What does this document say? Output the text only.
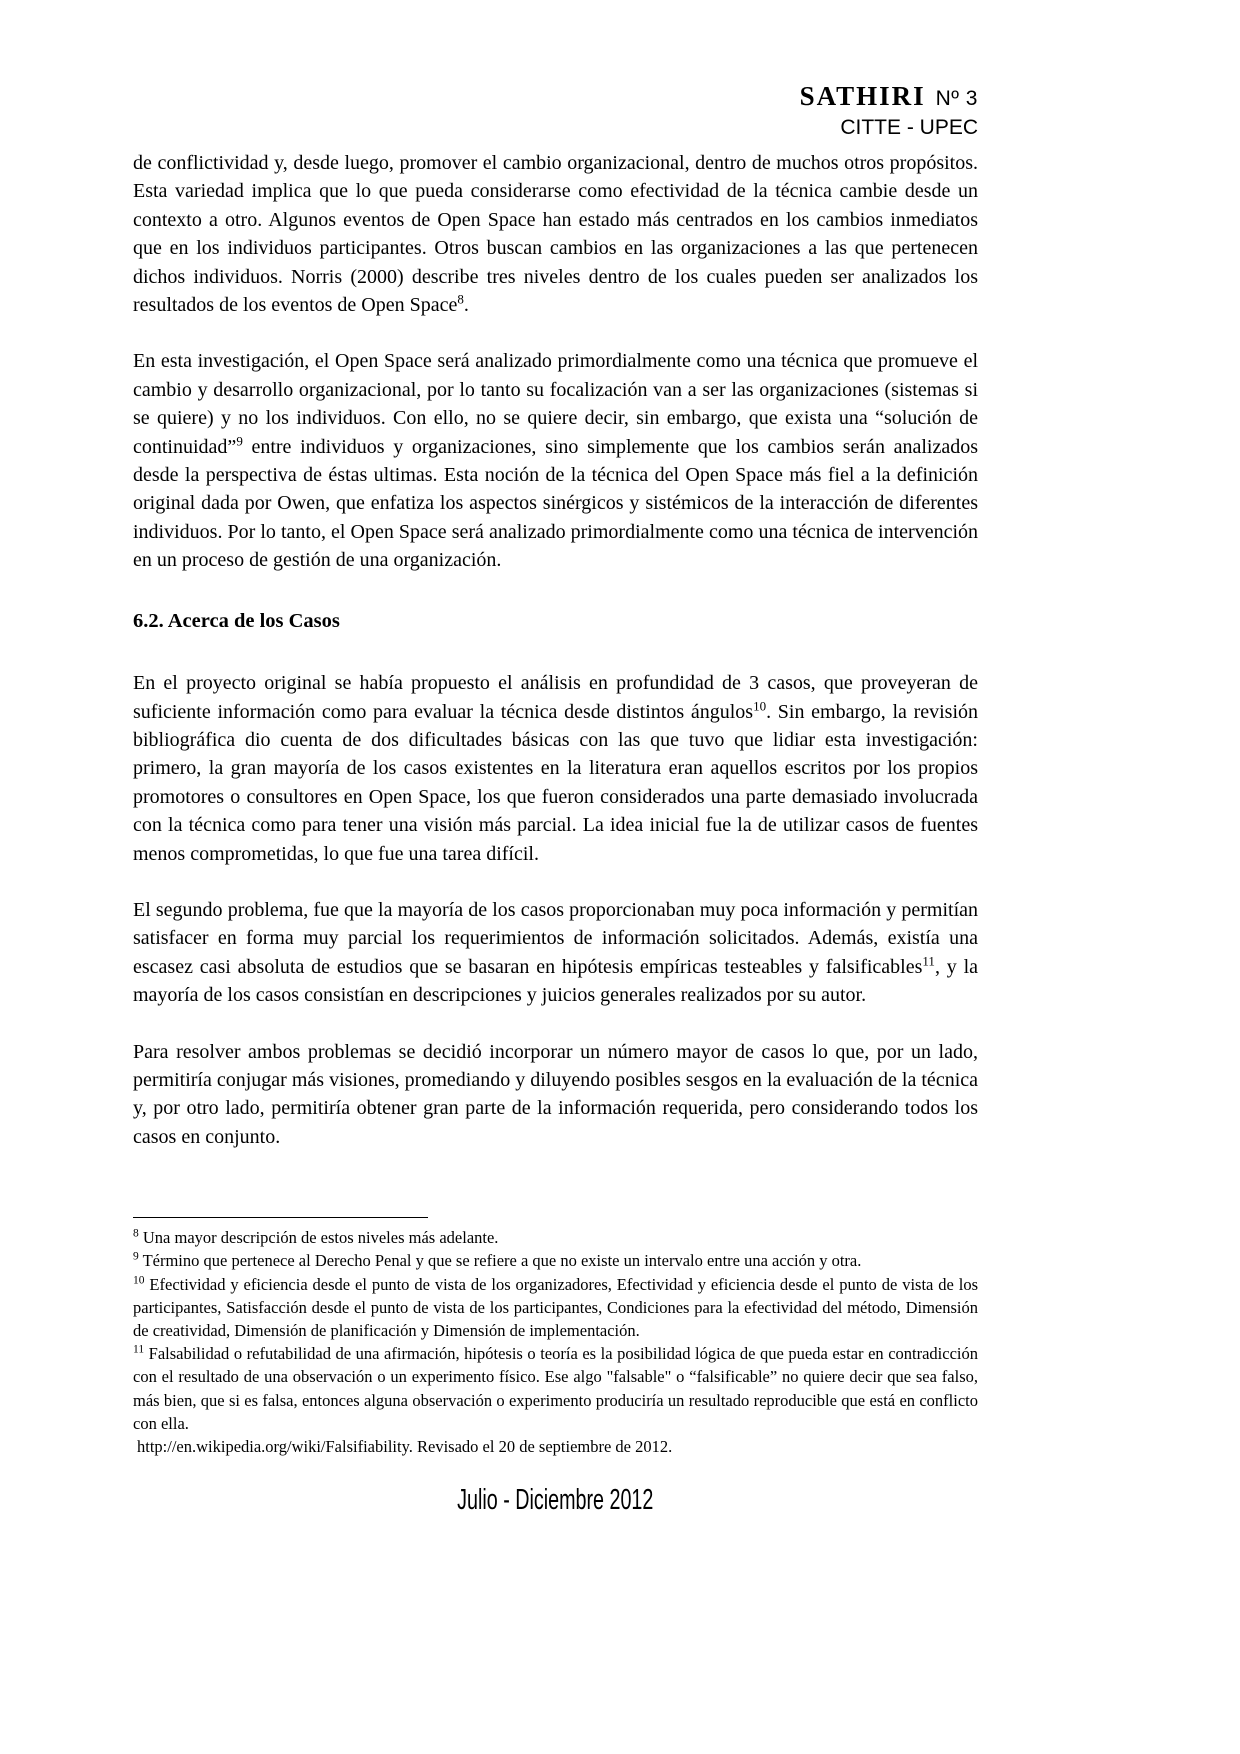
SATHIRI Nº 3
CITTE - UPEC

de conflictividad y, desde luego, promover el cambio organizacional, dentro de muchos otros propósitos. Esta variedad implica que lo que pueda considerarse como efectividad de la técnica cambie desde un contexto a otro. Algunos eventos de Open Space han estado más centrados en los cambios inmediatos que en los individuos participantes. Otros buscan cambios en las organizaciones a las que pertenecen dichos individuos. Norris (2000) describe tres niveles dentro de los cuales pueden ser analizados los resultados de los eventos de Open Space$^8$.

En esta investigación, el Open Space será analizado primordialmente como una técnica que promueve el cambio y desarrollo organizacional, por lo tanto su focalización van a ser las organizaciones (sistemas si se quiere) y no los individuos. Con ello, no se quiere decir, sin embargo, que exista una “solución de continuidad”$^9$ entre individuos y organizaciones, sino simplemente que los cambios serán analizados desde la perspectiva de éstas ultimas. Esta noción de la técnica del Open Space más fiel a la definición original dada por Owen, que enfatiza los aspectos sinérgicos y sistémicos de la interacción de diferentes individuos. Por lo tanto, el Open Space será analizado primordialmente como una técnica de intervención en un proceso de gestión de una organización.

6.2. Acerca de los Casos

En el proyecto original se había propuesto el análisis en profundidad de 3 casos, que proveyeran de suficiente información como para evaluar la técnica desde distintos ángulos$^{10}$. Sin embargo, la revisión bibliográfica dio cuenta de dos dificultades básicas con las que tuvo que lidiar esta investigación: primero, la gran mayoría de los casos existentes en la literatura eran aquellos escritos por los propios promotores o consultores en Open Space, los que fueron considerados una parte demasiado involucrada con la técnica como para tener una visión más parcial. La idea inicial fue la de utilizar casos de fuentes menos comprometidas, lo que fue una tarea difícil.

El segundo problema, fue que la mayoría de los casos proporcionaban muy poca información y permitían satisfacer en forma muy parcial los requerimientos de información solicitados. Además, existía una escasez casi absoluta de estudios que se basaran en hipótesis empíricas testeables y falsificables$^{11}$, y la mayoría de los casos consistían en descripciones y juicios generales realizados por su autor.

Para resolver ambos problemas se decidió incorporar un número mayor de casos lo que, por un lado, permitiría conjugar más visiones, promediando y diluyendo posibles sesgos en la evaluación de la técnica y, por otro lado, permitiría obtener gran parte de la información requerida, pero considerando todos los casos en conjunto.

$^8$ Una mayor descripción de estos niveles más adelante.
$^9$ Término que pertenece al Derecho Penal y que se refiere a que no existe un intervalo entre una acción y otra.
$^{10}$ Efectividad y eficiencia desde el punto de vista de los organizadores, Efectividad y eficiencia desde el punto de vista de los participantes, Satisfacción desde el punto de vista de los participantes, Condiciones para la efectividad del método, Dimensión de creatividad, Dimensión de planificación y Dimensión de implementación.
$^{11}$ Falsabilidad o refutabilidad de una afirmación, hipótesis o teoría es la posibilidad lógica de que pueda estar en contradicción con el resultado de una observación o un experimento físico. Ese algo "falsable" o “falsificable” no quiere decir que sea falso, más bien, que si es falsa, entonces alguna observación o experimento produciría un resultado reproducible que está en conflicto con ella.
http://en.wikipedia.org/wiki/Falsifiability. Revisado el 20 de septiembre de 2012.
Julio - Diciembre 2012
